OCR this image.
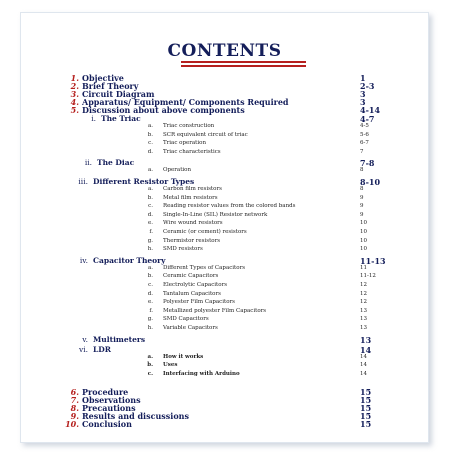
CONTENTS
1. Objective	1
2. Brief Theory	2-3
3. Circuit Diagram	3
4. Apparatus/ Equipment/ Components Required	3
5. Discussion about above components	4-14
i. The Triac	4-7
a. Triac construction	4-5
b. SCR equivalent circuit of triac	5-6
c. Triac operation	6-7
d. Triac characteristics	7
ii. The Diac	7-8
a. Operation	8
iii. Different Resistor Types	8-10
a. Carbon film resistors	8
b. Metal film resistors	9
c. Reading resistor values from the colored bands	9
d. Single-In-Line (SIL) Resistor network	9
e. Wire wound resistors	10
f. Ceramic (or cement) resistors	10
g. Thermistor resistors	10
h. SMD resistors	10
iv. Capacitor Theory	11-13
a. Different Types of Capacitors	11
b. Ceramic Capacitors	11-12
c. Electrolytic Capacitors	12
d. Tantalum Capacitors	12
e. Polyester Film Capacitors	12
f. Metallized polyester Film Capacitors	13
g. SMD Capacitors	13
h. Variable Capacitors	13
v. Multimeters	13
vi. LDR	14
a. How it works	14
b. Uses	14
c. Interfacing with Arduino	14
6. Procedure	15
7. Observations	15
8. Precautions	15
9. Results and discussions	15
10. Conclusion	15
